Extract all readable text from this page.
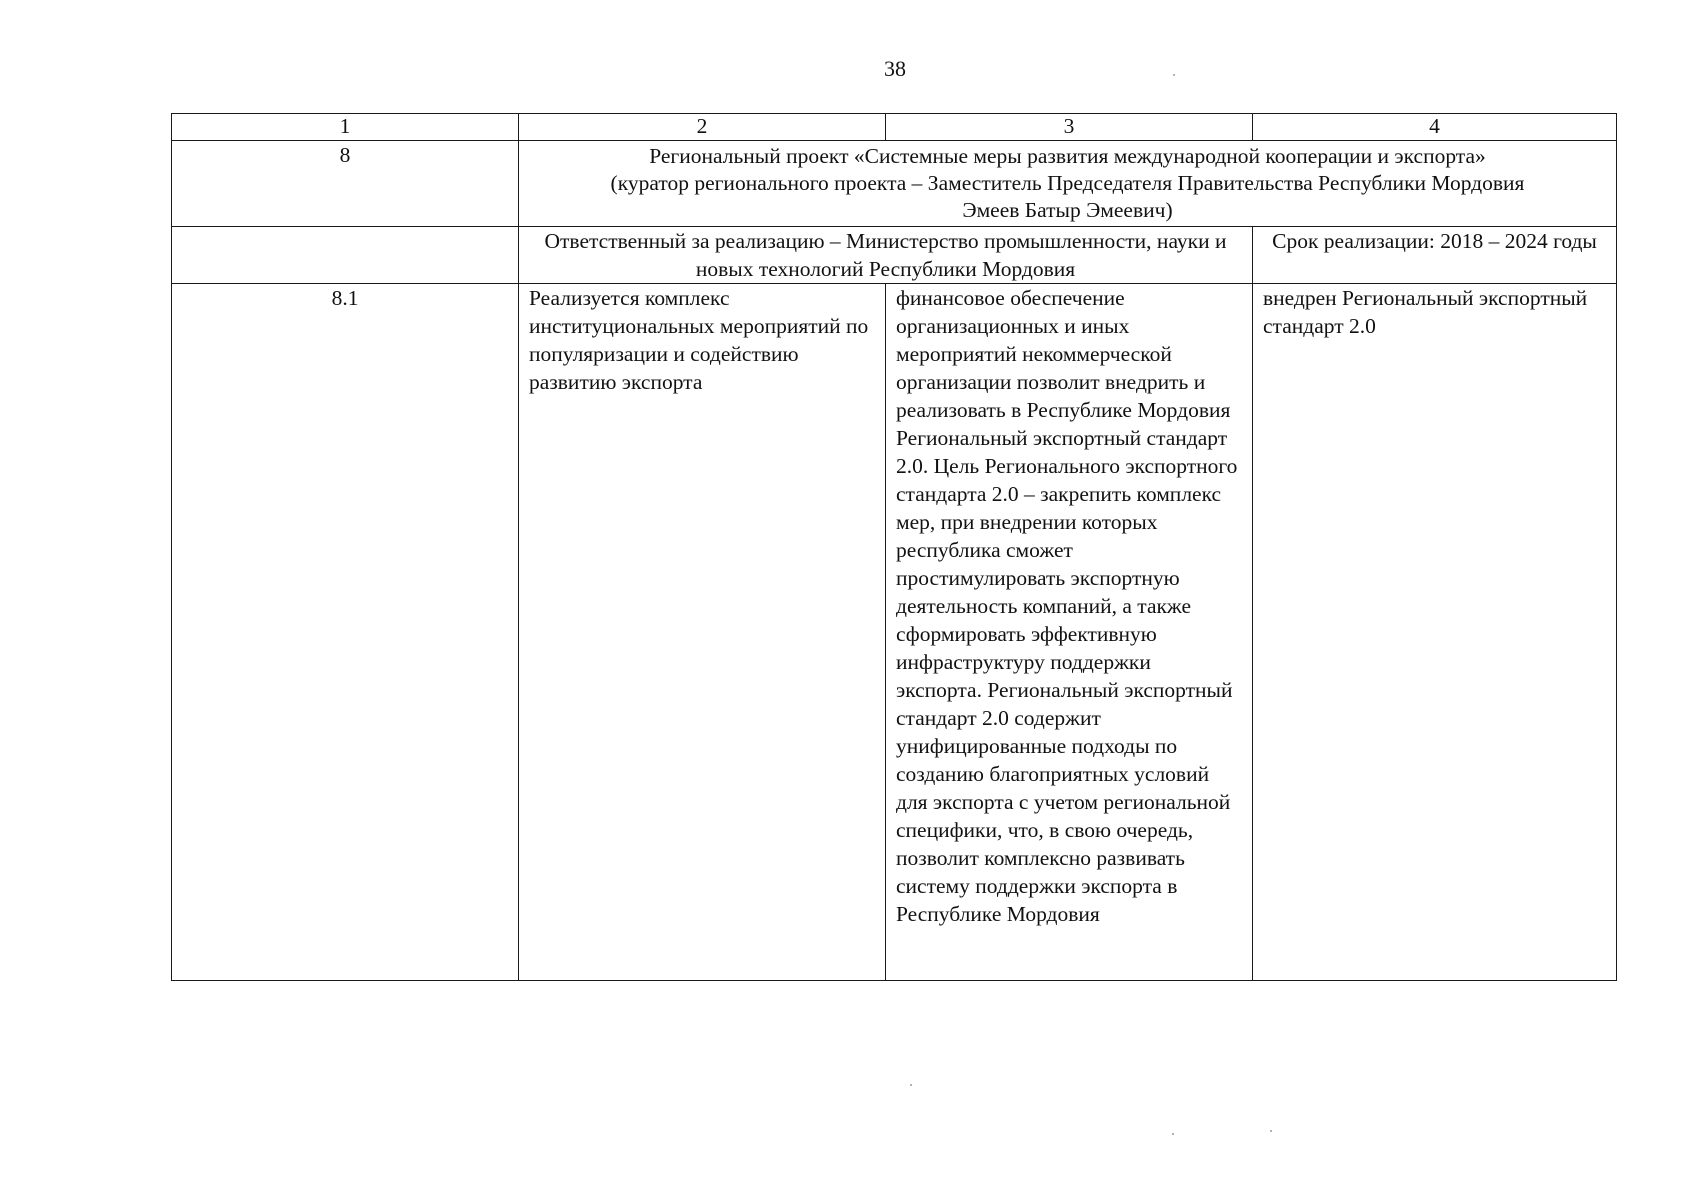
38
1	2	3	4
8	Региональный проект «Системные меры развития международной кооперации и экспорта»
(куратор регионального проекта – Заместитель Председателя Правительства Республики Мордовия
Эмеев Батыр Эмеевич)		

	Ответственный за реализацию – Министерство промышленности, науки и новых технологий Республики Мордовия		Срок реализации: 2018 – 2024 годы
8.1	Реализуется комплекс институциональных мероприятий по популяризации и содействию развитию экспорта	финансовое обеспечение организационных и иных мероприятий некоммерческой организации позволит внедрить и реализовать в Республике Мордовия Региональный экспортный стандарт 2.0. Цель Регионального экспортного стандарта 2.0 – закрепить комплекс мер, при внедрении которых республика сможет простимулировать экспортную деятельность компаний, а также сформировать эффективную инфраструктуру поддержки экспорта. Региональный экспортный стандарт 2.0 содержит унифицированные подходы по созданию благоприятных условий для экспорта с учетом региональной специфики, что, в свою очередь, позволит комплексно развивать систему поддержки экспорта в Республике Мордовия	внедрен Региональный экспортный стандарт 2.0
